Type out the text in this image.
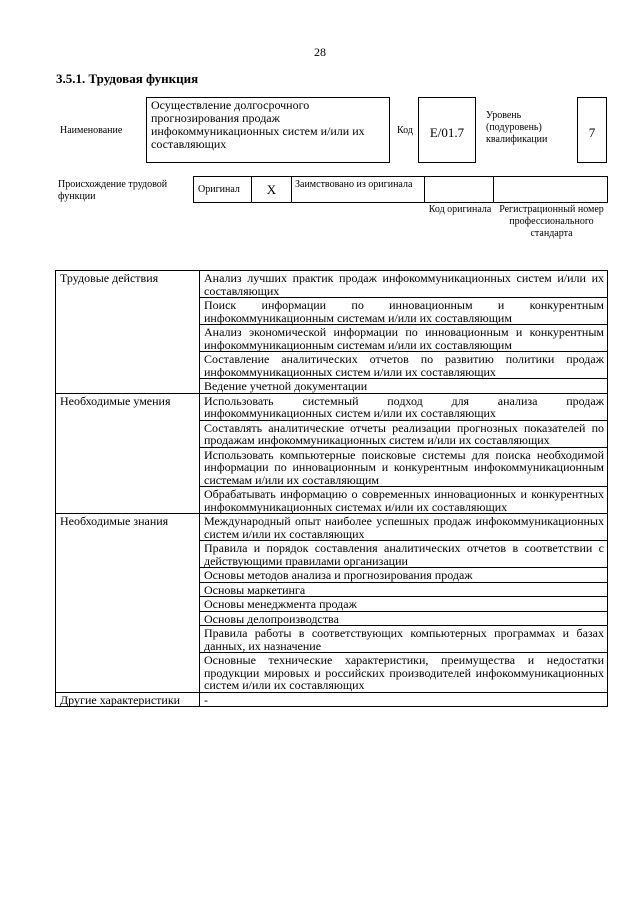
28
3.5.1. Трудовая функция
Наименование
Осуществление долгосрочного прогнозирования продаж инфокоммуникационных систем и/или их составляющих
Код	E/01.7
Уровень (подуровень) квалификации	7
Происхождение трудовой функции
Оригинал	X	Заимствовано из оригинала
Код оригинала Регистрационный номер профессионального стандарта
Трудовые действия	Анализ лучших практик продаж инфокоммуникационных систем и/или их составляющих
	Поиск информации по инновационным и конкурентным инфокоммуникационным системам и/или их составляющим
	Анализ экономической информации по инновационным и конкурентным инфокоммуникационным системам и/или их составляющим
	Составление аналитических отчетов по развитию политики продаж инфокоммуникационных систем и/или их составляющих
	Ведение учетной документации
Необходимые умения	Использовать системный подход для анализа продаж инфокоммуникационных систем и/или их составляющих
	Составлять аналитические отчеты реализации прогнозных показателей по продажам инфокоммуникационных систем и/или их составляющих
	Использовать компьютерные поисковые системы для поиска необходимой информации по инновационным и конкурентным инфокоммуникационным системам и/или их составляющим
	Обрабатывать информацию о современных инновационных и конкурентных инфокоммуникационных системах и/или их составляющих
Необходимые знания	Международный опыт наиболее успешных продаж инфокоммуникационных систем и/или их составляющих
	Правила и порядок составления аналитических отчетов в соответствии с действующими правилами организации
	Основы методов анализа и прогнозирования продаж
	Основы маркетинга
	Основы менеджмента продаж
	Основы делопроизводства
	Правила работы в соответствующих компьютерных программах и базах данных, их назначение
	Основные технические характеристики, преимущества и недостатки продукции мировых и российских производителей инфокоммуникационных систем и/или их составляющих
Другие характеристики	-
